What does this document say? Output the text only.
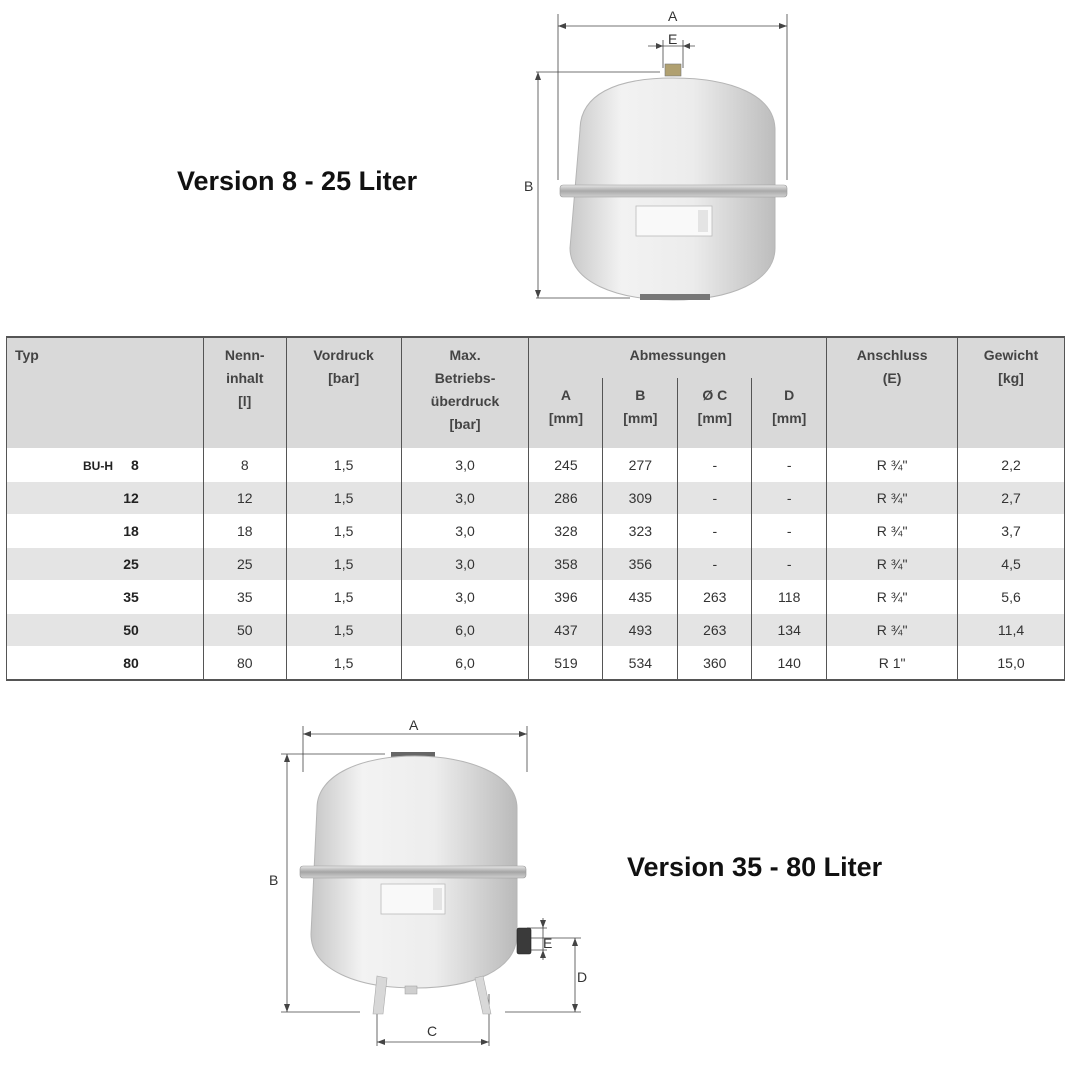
Version 8 - 25 Liter
Version 35 - 80 Liter
A
E
B
Typ	Nenn-
inhalt
[l]	Vordruck
[bar]	Max.
Betriebs-
überdruck
[bar]	Abmessungen				Anschluss
(E)	Gewicht
[kg]
				A
[mm]	B
[mm]	Ø C
[mm]	D
[mm]		
BU-H 8	8	1,5	3,0	245	277	-	-	R ¾"	2,2
12	12	1,5	3,0	286	309	-	-	R ¾"	2,7
18	18	1,5	3,0	328	323	-	-	R ¾"	3,7
25	25	1,5	3,0	358	356	-	-	R ¾"	4,5
35	35	1,5	3,0	396	435	263	118	R ¾"	5,6
50	50	1,5	6,0	437	493	263	134	R ¾"	11,4
80	80	1,5	6,0	519	534	360	140	R 1"	15,0
A
B
C
D
E
